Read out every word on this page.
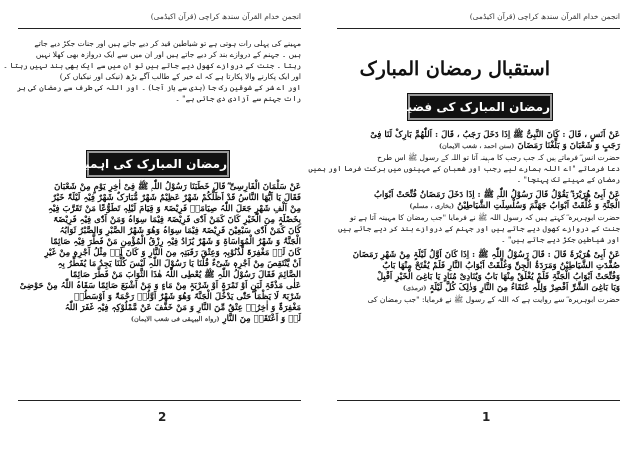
انجمن خدام القرآن سندھ کراچی (قرآن اکیڈمی)
مہینے کی پہلی رات ہوتی ہے تو شیاطین قید کر دیے جاتے ہیں اور جنات جکڑ دیے جاتے
ہیں ۔ جہنم کے دروازے بند کر دیے جاتے ہیں اور ان میں سے ایک دروازہ بھی کھلا نہیں
رہتا ۔ جنت کے دروازے کھول دیے جاتے ہیں تو ان میں سے ایک بھی بند نہیں رہتا ۔
اور ایک پکارنے والا پکارتا ہے کہ اے خیر کے طالب آگے بڑھ (نیکی اور نیکیاں کر)
اور اے شر کے شوقین رک جا (بدی سے باز آجا) ۔ اور اللہ کی طرف سے رمضان کی ہر
رات جہنم سے آزادی دی جاتی ہے" ۔
رمضان المبارک کی اہمیت
عَنْ سَلْمَانَ الْفَارِسِیِّ ؓ قَالَ خَطَبَنَا رَسُوْلُ اللّٰہِ ﷺ فِیْ اٰخِرِ یَوْمٍ مِنْ شَعْبَانَ
فَقَالَ یَا اَیُّھَا النَّاسُ قَدْ اَظَلَّکُمْ شَھْرٌ عَظِیْمٌ شَھْرٌ مُّبَارَکٌ شَھْرٌ فِیْہِ لَیْلَۃٌ خَیْرٌ
مِنْ اَلْفِ شَھْرٍ جَعَلَ اللّٰہُ صِیَامَہٗ فَرِیْضَۃً وَ قِیَامَ لَیْلِہٖ تَطَوُّعًا مَنْ تَقَرَّبَ فِیْہِ
بِخَصْلَۃٍ مِنَ الْخَیْرِ کَانَ کَمَنْ اَدّٰی فَرِیْضَۃً فِیْمَا سِوَاہُ وَمَنْ اَدّٰی فِیْہِ فَرِیْضَۃً
کَانَ کَمَنْ اَدّٰی سَبْعِیْنَ فَرِیْضَۃً فِیْمَا سِوَاہُ وَھُوَ شَھْرُ الصَّبْرِ وَالصَّبْرُ ثَوَابُہُ
الْجَنَّۃُ وَ شَھْرُ الْمُوَاسَاۃِ وَ شَھْرٌ یُزَادُ فِیْہِ رِزْقُ الْمُؤْمِنِ مَنْ فَطَّرَ فِیْہِ صَائِمًا
کَانَ لَہٗ مَغْفِرَۃً لِّذُنُوْبِہٖ وَعِتْقَ رَقَبَتِہٖ مِنَ النَّارِ وَ کَانَ لَہٗ مِثْلُ اَجْرِہٖ مِنْ غَیْرِ
اَنْ یَّنْتَقِصَ مِنْ اَجْرِہٖ شَیْءٌ قُلْنَا یَا رَسُوْلَ اللّٰہِ لَیْسَ کُلُّنَا یَجِدُ مَا یُفَطِّرُ بِہِ
الصَّائِمَ فَقَالَ رَسُوْلُ اللّٰہِ ﷺ یُعْطِی اللّٰہُ ھٰذَا الثَّوَابَ مَنْ فَطَّرَ صَائِمًا
عَلٰی مَذْقَۃِ لَبَنٍ اَوْ تَمْرَۃٍ اَوْ شَرْبَۃٍ مِنْ مَاءٍ وَ مَنْ اَشْبَعَ صَائِمًا سَقَاہُ اللّٰہُ مِنْ حَوْضِیْ
شَرْبَۃً لَا یَظْمَاُ حَتّٰی یَدْخُلَ الْجَنَّۃَ وَھُوَ شَھْرٌ اَوَّلُہٗ رَحْمَۃٌ وَ اَوْسَطُہٗ
مَغْفِرَۃٌ وَ اٰخِرُہٗ عِتْقٌ مِّنَ النَّارِ وَ مَنْ خَفَّفَ عَنْ مَّمْلُوْکِہٖ فِیْہِ غَفَرَ اللّٰہُ
لَہٗ وَ اَعْتَقَہٗ مِنَ النَّارِ (رواہ البیہقی فی شعب الایمان)
2
انجمن خدام القرآن سندھ کراچی (قرآن اکیڈمی)
استقبال رمضان المبارک
رمضان المبارک کی فضیلت
عَنْ اَنَسٍ ، قَالَ : کَانَ النَّبِیُّ ﷺ اِذَا دَخَلَ رَجَبُ ، قَالَ : اَللّٰھُمَّ بَارِکْ لَنَا فِیْ
رَجَبٍ وَ شَعْبَانَ وَ بَلِّغْنَا رَمَضَانَ (سنن احمد ، شعب الایمان)
حضرت انس ؓ فرماتے ہیں کہ جب رجب کا مہینہ آتا تو اللہ کے رسول ﷺ اس طرح
دعا فرماتے "اے اللہ ہمارے لیے رجب اور شعبان کے مہینوں میں برکت فرما اور ہمیں
رمضان کے مہینے تک پہنچا" ۔
عَنْ اَبِیْ ھُرَیْرَۃَ ؓ یَقُوْلُ قَالَ رَسُوْلُ اللّٰہِ ﷺ : اِذَا دَخَلَ رَمَضَانُ فُتِّحَتْ اَبْوَابُ
الْجَنَّۃِ وَ غُلِّقَتْ اَبْوَابُ جَھَنَّمَ وَسُلْسِلَتِ الشَّیَاطِیْنُ (بخاری ، مسلم)
حضرت ابوہریرہ ؓ کہتے ہیں کہ رسول اللہ ﷺ نے فرمایا "جب رمضان کا مہینہ آتا ہے تو
جنت کے دروازے کھول دیے جاتے ہیں اور جہنم کے دروازے بند کر دیے جاتے ہیں
اور شیاطین جکڑ دیے جاتے ہیں" ۔
عَنْ اَبِیْ ھُرَیْرَۃَ قَالَ : قَالَ رَسُوْلُ اللّٰہِ ﷺ : اِذَا کَانَ اَوَّلُ لَیْلَۃٍ مِنْ شَھْرِ رَمَضَانَ
صُفِّدَتِ الشَّیَاطِیْنُ وَمَرَدَۃُ الْجِنِّ وَغُلِّقَتْ اَبْوَابُ النَّارِ فَلَمْ یُفْتَحْ مِنْھَا بَابٌ
وَفُتِّحَتْ اَبْوَابُ الْجَنَّۃِ فَلَمْ یُغْلَقْ مِنْھَا بَابٌ وَیُنَادِیْ مُنَادٍ یَا بَاغِیَ الْخَیْرِ اَقْبِلْ
وَیَا بَاغِیَ الشَّرِّ اَقْصِرْ وَلِلّٰہِ عُتَقَاءُ مِنَ النَّارِ وَذٰلِکَ کُلَّ لَیْلَۃٍ (ترمذی)
حضرت ابوہریرہ ؓ سے روایت ہے کہ اللہ کے رسول ﷺ نے فرمایا: "جب رمضان کی
1
